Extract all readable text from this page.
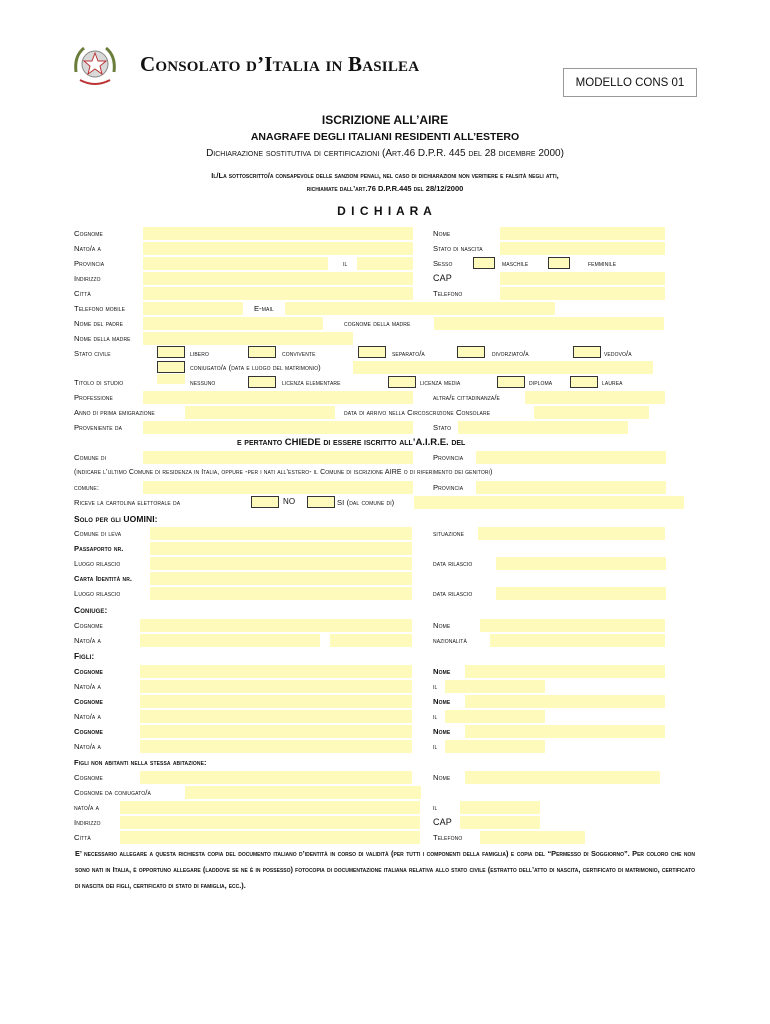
Consolato d’Italia in Basilea
MODELLO CONS 01
ISCRIZIONE ALL’AIRE
ANAGRAFE DEGLI ITALIANI RESIDENTI ALL’ESTERO
Dichiarazione sostitutiva di certificazioni (Art.46 D.P.R. 445 del 28 dicembre 2000)
Il/La sottoscritto/a consapevole delle sanzioni penali, nel caso di dichiarazioni non veritiere e falsità negli atti,
richiamate dall’art.76 D.P.R.445 del 28/12/2000
D I C H I A R A
Cognome	Nome
Nato/a a	Stato di nascita
Provincia	il	Sesso	maschile	femminile
Indirizzo	CAP
Città	Telefono
Telefono mobile	E-mail
Nome del padre	cognome della madre
Nome della madre
Stato civile	libero	convivente	separato/a	divorziato/a	vedovo/a
coniugato/a (data e luogo del matrimonio)
Titolo di studio	nessuno	licenza elementare	licenza media	diploma	laurea
Professione	altra/e cittadinanza/e
Anno di prima emigrazione	data di arrivo nella Circoscrizione Consolare
Proveniente da	Stato
e pertanto CHIEDE di essere iscritto all’A.I.R.E. del
Comune di	Provincia
(indicare l’ultimo Comune di residenza in Italia, oppure -per i nati all’estero- il Comune di iscrizione AIRE o di riferimento dei genitori)
comune:	Provincia
Riceve la cartolina elettorale da	NO	SI (dal comune di)
Solo per gli UOMINI:
Comune di leva	situazione
Passaporto nr.
Luogo rilascio	data rilascio
Carta Identità nr.
Luogo rilascio	data rilascio
Coniuge:
Cognome	Nome
Nato/a a	nazionalità
Figli:
Cognome	Nome
Nato/a a	il
Cognome	Nome
Nato/a a	il
Cognome	Nome
Nato/a a	il
Figli non abitanti nella stessa abitazione:
Cognome	Nome
Cognome da coniugato/a
nato/a a	il
Indirizzo	CAP
Città	Telefono
E’ necessario allegare a questa richiesta copia del documento italiano d’identità in corso di validità (per tutti i componenti della famiglia) e copia del “Permesso di Soggiorno”. Per coloro che non sono nati in Italia, è opportuno allegare (laddove se ne è in possesso) fotocopia di documentazione italiana relativa allo stato civile (estratto dell’atto di nascita, certificato di matrimonio, certificato di nascita dei figli, certificato di stato di famiglia, ecc.).
